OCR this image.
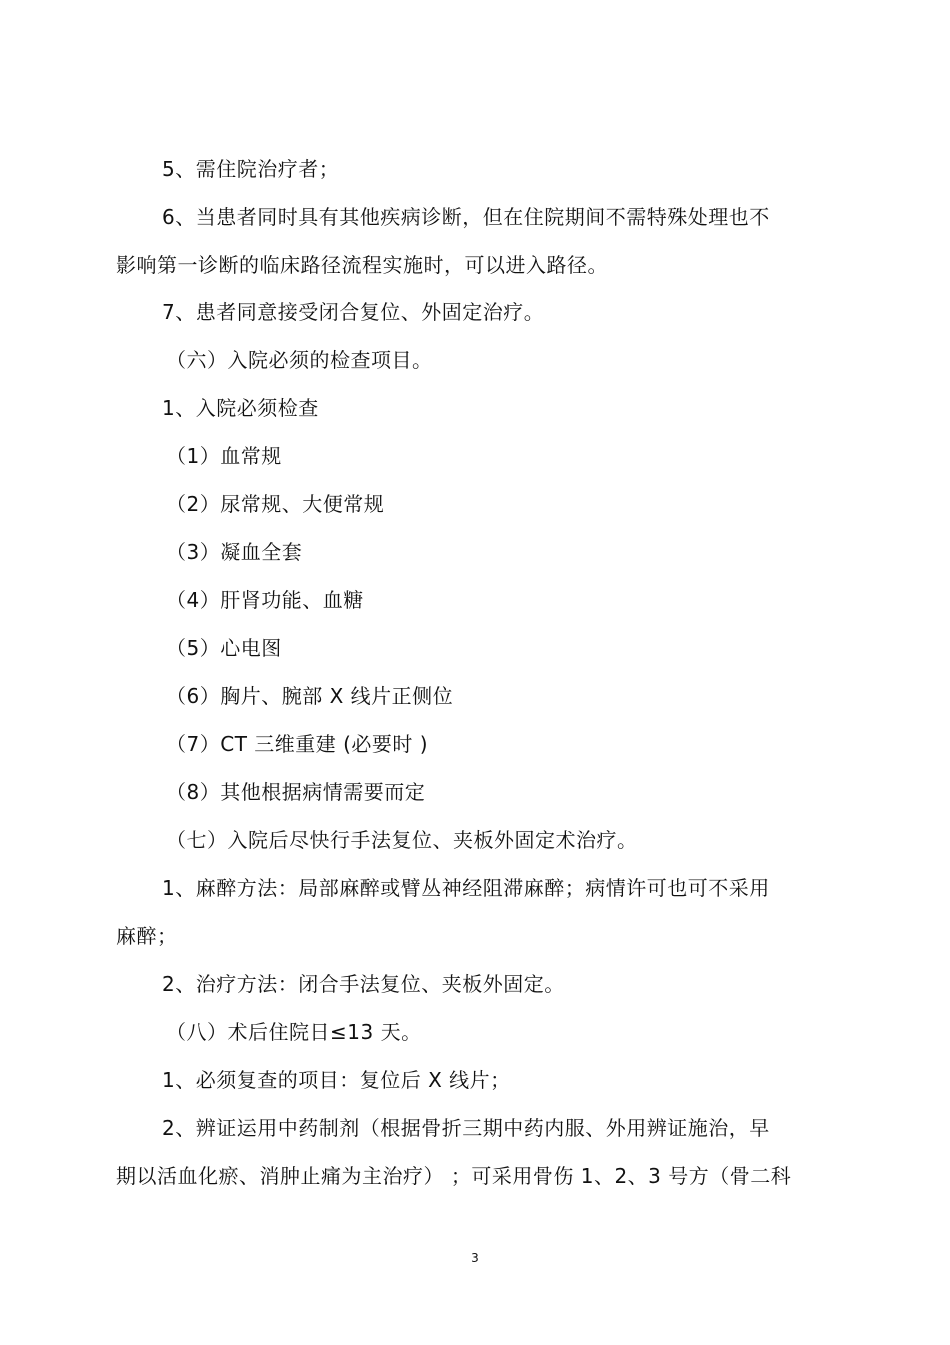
5、需住院治疗者；
6、当患者同时具有其他疾病诊断，但在住院期间不需特殊处理也不
影响第一诊断的临床路径流程实施时，可以进入路径。
7、患者同意接受闭合复位、外固定治疗。
（六）入院必须的检查项目。
1、入院必须检查
（1）血常规
（2）尿常规、大便常规
（3）凝血全套
（4）肝肾功能、血糖
（5）心电图
（6）胸片、腕部 X 线片正侧位
（7）CT 三维重建 (必要时 )
（8）其他根据病情需要而定
（七）入院后尽快行手法复位、夹板外固定术治疗。
1、麻醉方法：局部麻醉或臂丛神经阻滞麻醉；病情许可也可不采用
麻醉；
2、治疗方法：闭合手法复位、夹板外固定。
（八）术后住院日≤13 天。
1、必须复查的项目：复位后 X 线片；
2、辨证运用中药制剂（根据骨折三期中药内服、外用辨证施治，早
期以活血化瘀、消肿止痛为主治疗） ；可采用骨伤 1、2、3 号方（骨二科
3
